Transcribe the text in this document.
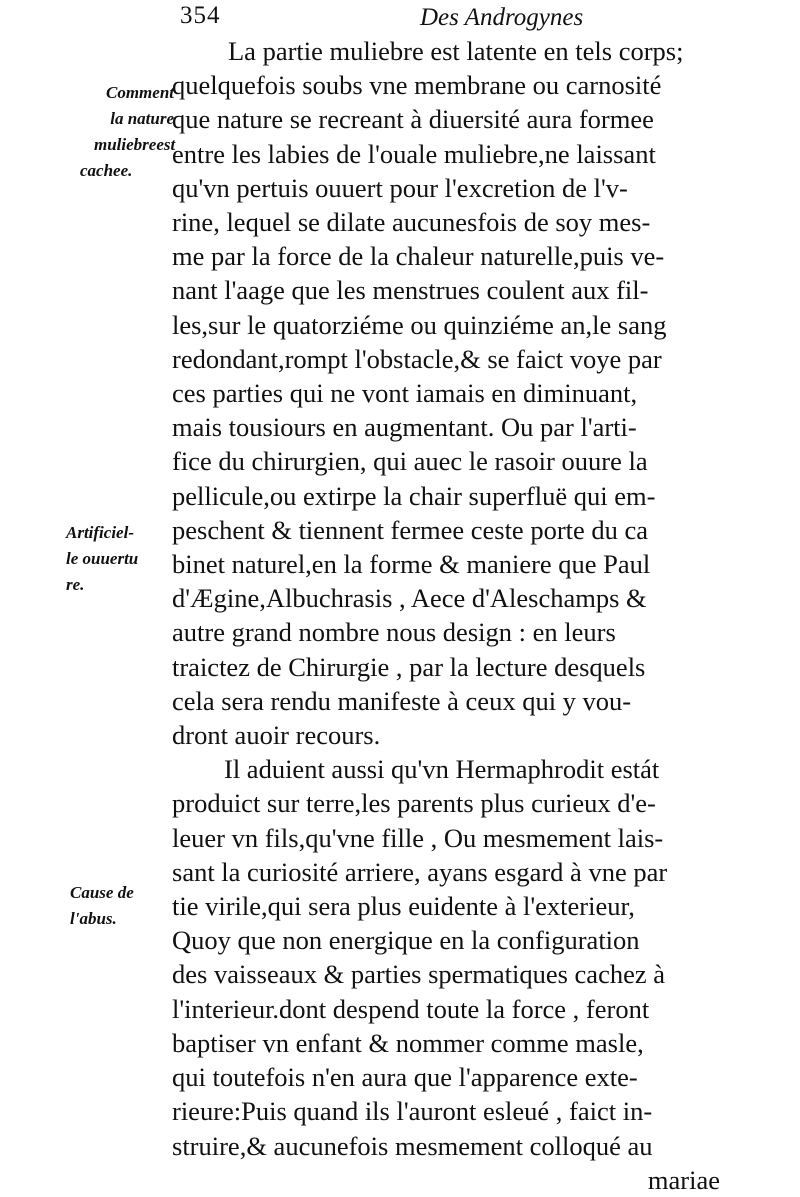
354	Des Androgynes
Comment
la nature
muliebreest
cachee.
Artificiel-
le ouuertu
re.
Cause de
l'abus.
La partie muliebre est latente en tels corps;
quelquefois soubs vne membrane ou carnosité
que nature se recreant à diuersité aura formee
entre les labies de l'ouale muliebre,ne laissant
qu'vn pertuis ouuert pour l'excretion de l'v-
rine, lequel se dilate aucunesfois de soy mes-
me par la force de la chaleur naturelle,puis ve-
nant l'aage que les menstrues coulent aux fil-
les,sur le quatorziéme ou quinziéme an,le sang
redondant,rompt l'obstacle,& se faict voye par
ces parties qui ne vont iamais en diminuant,
mais tousiours en augmentant. Ou par l'arti-
fice du chirurgien, qui auec le rasoir ouure la
pellicule,ou extirpe la chair superfluë qui em-
peschent & tiennent fermee ceste porte du ca
binet naturel,en la forme & maniere que Paul
d'Ægine,Albuchrasis , Aece d'Aleschamps &
autre grand nombre nous design : en leurs
traictez de Chirurgie , par la lecture desquels
cela sera rendu manifeste à ceux qui y vou-
dront auoir recours.
Il aduient aussi qu'vn Hermaphrodit estát
produict sur terre,les parents plus curieux d'e-
leuer vn fils,qu'vne fille , Ou mesmement lais-
sant la curiosité arriere, ayans esgard à vne par
tie virile,qui sera plus euidente à l'exterieur,
Quoy que non energique en la configuration
des vaisseaux & parties spermatiques cachez à
l'interieur.dont despend toute la force , feront
baptiser vn enfant & nommer comme masle,
qui toutefois n'en aura que l'apparence exte-
rieure:Puis quand ils l'auront esleué , faict in-
struire,& aucunefois mesmement colloqué au
mariae
